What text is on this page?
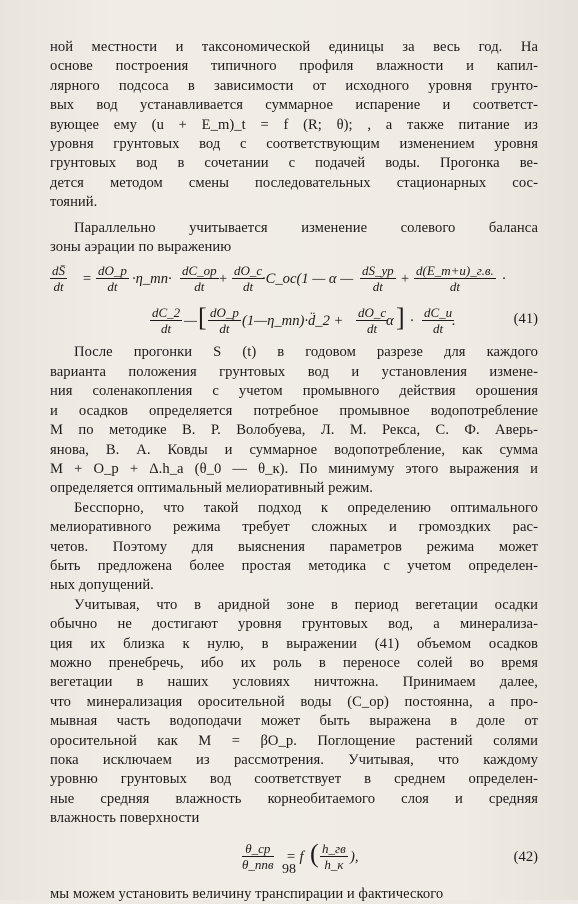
ной местности и таксономической единицы за весь год. На
основе построения типичного профиля влажности и капил-
лярного подсоса в зависимости от исходного уровня грунто-
вых вод устанавливается суммарное испарение и соответст-
вующее ему (u + E_m)_t = f (R; θ); , а также питание из
уровня грунтовых вод с соответствующим изменением уровня
грунтовых вод в сочетании с подачей воды. Прогонка ве-
дется методом смены последовательных стационарных сос-
тояний.
Параллельно учитывается изменение солевого баланса
зоны аэрации по выражению
$\frac{dS̄}{dt} = \frac{dO\_p}{dt}$ ·η_mn· $\frac{dC\_op}{dt} + \frac{dO\_c}{dt}$
·C_oc(1 — α —
dS_ур
dt	+
d(E_m+u)_г.в.
dt	·
$\frac{dC\_2}{dt}$ — [ $\frac{dO\_p}{dt}$ (1—η_mn)·d̈_2 + $\frac{dO\_c}{dt}$
α ] ·
dC_и
dt .	(41)
После прогонки S (t) в годовом разрезе для каждого
варианта положения грунтовых вод и установления измене-
ния соленакопления с учетом промывного действия орошения
и осадков определяется потребное промывное водопотребление
M по методике В. Р. Волобуева, Л. М. Рекса, С. Ф. Аверь-
янова, В. А. Ковды и суммарное водопотребление, как сумма
M + O_p + Δ.h_a (θ_0 — θ_к). По минимуму этого выражения и
определяется оптимальный мелиоративный режим.
Бесспорно, что такой подход к определению оптимального
мелиоративного режима требует сложных и громоздких рас-
четов. Поэтому для выяснения параметров режима может
быть предложена более простая методика с учетом определен-
ных допущений.
Учитывая, что в аридной зоне в период вегетации осадки
обычно не достигают уровня грунтовых вод, а минерализа-
ция их близка к нулю, в выражении (41) объемом осадков
можно пренебречь, ибо их роль в переносе солей во время
вегетации в наших условиях ничтожна. Принимаем далее,
что минерализация оросительной воды (C_ор) постоянна, а про-
мывная часть водоподачи может быть выражена в доле от
оросительной как M = βO_р. Поглощение растений солями
пока исключаем из рассмотрения. Учитывая, что каждому
уровню грунтовых вод соответствует в среднем определен-
ные средняя влажность корнеобитаемого слоя и средняя
влажность поверхности
θ_ср
θ_ппв = f ( h_гв
h_к ),	(42)
мы можем установить величину транспирации и фактического
98
